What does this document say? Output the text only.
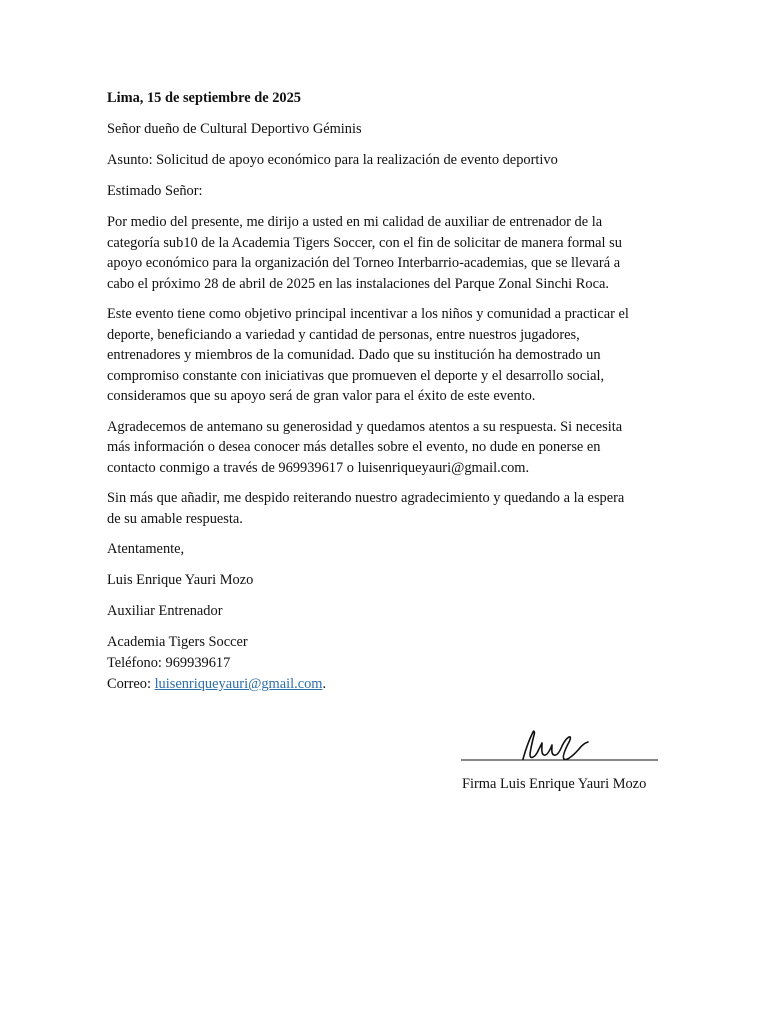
Lima, 15 de septiembre de 2025
Señor dueño de Cultural Deportivo Géminis
Asunto: Solicitud de apoyo económico para la realización de evento deportivo
Estimado Señor:
Por medio del presente, me dirijo a usted en mi calidad de auxiliar de entrenador de la
categoría sub10 de la Academia Tigers Soccer, con el fin de solicitar de manera formal su
apoyo económico para la organización del Torneo Interbarrio-academias, que se llevará a
cabo el próximo 28 de abril de 2025 en las instalaciones del Parque Zonal Sinchi Roca.
Este evento tiene como objetivo principal incentivar a los niños y comunidad a practicar el
deporte, beneficiando a variedad y cantidad de personas, entre nuestros jugadores,
entrenadores y miembros de la comunidad. Dado que su institución ha demostrado un
compromiso constante con iniciativas que promueven el deporte y el desarrollo social,
consideramos que su apoyo será de gran valor para el éxito de este evento.
Agradecemos de antemano su generosidad y quedamos atentos a su respuesta. Si necesita
más información o desea conocer más detalles sobre el evento, no dude en ponerse en
contacto conmigo a través de 969939617 o luisenriqueyauri@gmail.com.
Sin más que añadir, me despido reiterando nuestro agradecimiento y quedando a la espera
de su amable respuesta.
Atentamente,
Luis Enrique Yauri Mozo
Auxiliar Entrenador
Academia Tigers Soccer
Teléfono: 969939617
Correo: luisenriqueyauri@gmail.com.
Firma Luis Enrique Yauri Mozo
